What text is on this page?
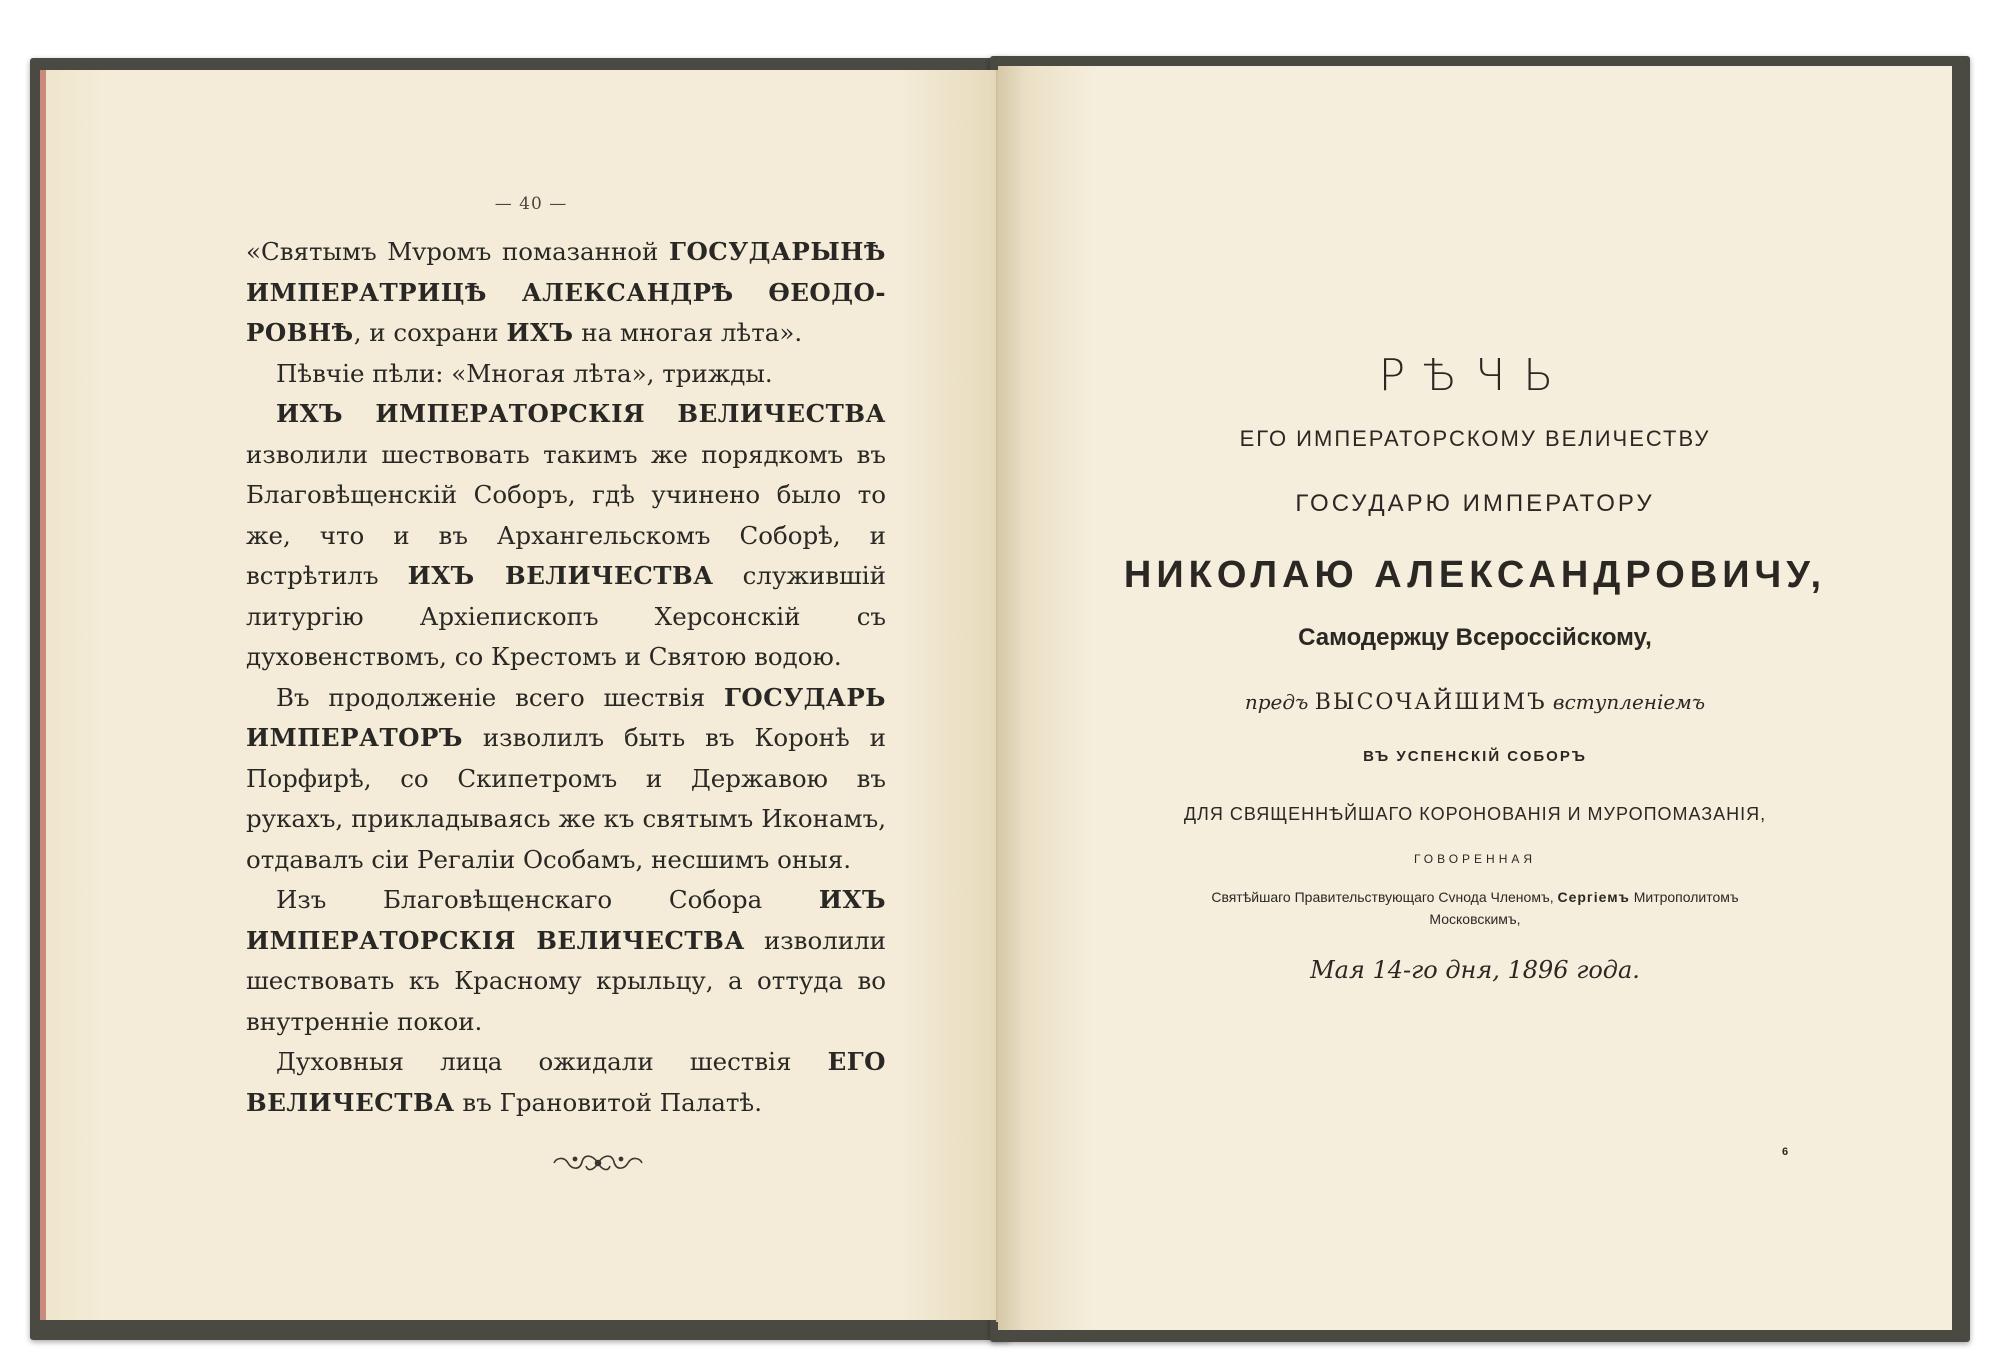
— 40 —

«Святымъ Мvромъ помазанной ГОСУДАРЫНѢ ИМПЕРАТРИЦѢ АЛЕКСАНДРѢ ѲЕОДО-РОВНѢ, и сохрани ИХЪ на многая лѣта».

Пѣвчiе пѣли: «Многая лѣта», трижды.

ИХЪ ИМПЕРАТОРСКIЯ ВЕЛИЧЕСТВА изволили шествовать такимъ же порядкомъ въ Благовѣщенскiй Соборъ, гдѣ учинено было то же, что и въ Архангельскомъ Соборѣ, и встрѣтилъ ИХЪ ВЕЛИЧЕСТВА служившiй литургiю Архiепископъ Херсонскiй съ духовенствомъ, со Крестомъ и Святою водою.

Въ продолженiе всего шествiя ГОСУДАРЬ ИМПЕРАТОРЪ изволилъ быть въ Коронѣ и Порфирѣ, со Скипетромъ и Державою въ рукахъ, прикладываясь же къ святымъ Иконамъ, отдавалъ сiи Регалiи Особамъ, несшимъ оныя.

Изъ Благовѣщенскаго Собора ИХЪ ИМПЕРАТОРСКIЯ ВЕЛИЧЕСТВА изволили шествовать къ Красному крыльцу, а оттуда во внутреннiе покои.

Духовныя лица ожидали шествiя ЕГО ВЕЛИЧЕСТВА въ Грановитой Палатѣ.

РѢЧЬ
ЕГО ИМПЕРАТОРСКОМУ ВЕЛИЧЕСТВУ
ГОСУДАРЮ ИМПЕРАТОРУ
НИКОЛАЮ АЛЕКСАНДРОВИЧУ,
Самодержцу Всероссiйскому,
предъ ВЫСОЧАЙШИМЪ вступленiемъ
ВЪ УСПЕНСКIЙ СОБОРЪ
ДЛЯ СВЯЩЕННѢЙШАГО КОРОНОВАНIЯ И МУРОПОМАЗАНIЯ,
ГОВОРЕННАЯ
Святѣйшаго Правительствующаго Сvнода Членомъ, Сергiемъ Митрополитомъ
Московскимъ,
Мая 14-го дня, 1896 года.
6
